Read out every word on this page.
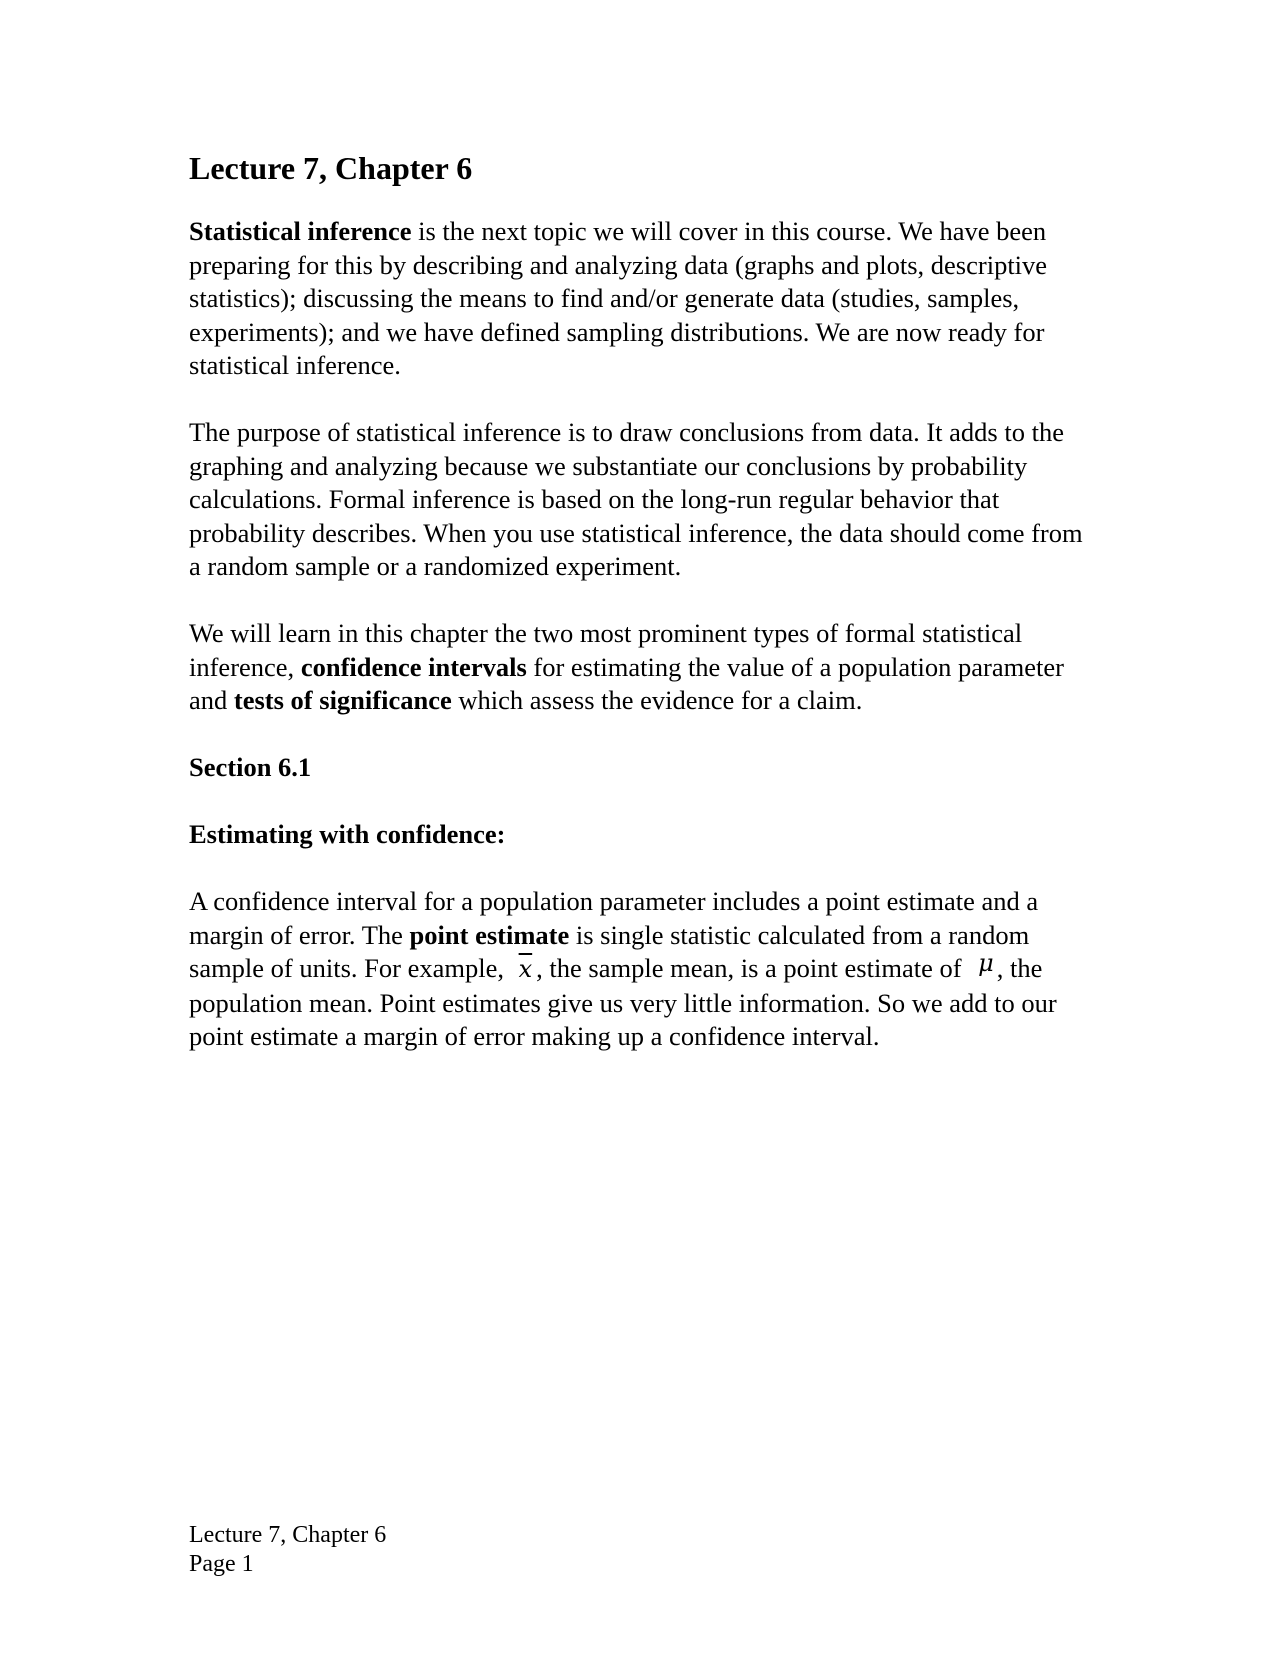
Lecture 7, Chapter 6

Statistical inference is the next topic we will cover in this course. We have been preparing for this by describing and analyzing data (graphs and plots, descriptive statistics); discussing the means to find and/or generate data (studies, samples, experiments); and we have defined sampling distributions. We are now ready for statistical inference.

The purpose of statistical inference is to draw conclusions from data. It adds to the graphing and analyzing because we substantiate our conclusions by probability calculations. Formal inference is based on the long-run regular behavior that probability describes. When you use statistical inference, the data should come from a random sample or a randomized experiment.

We will learn in this chapter the two most prominent types of formal statistical inference, confidence intervals for estimating the value of a population parameter and tests of significance which assess the evidence for a claim.

Section 6.1
Estimating with confidence:

A confidence interval for a population parameter includes a point estimate and a margin of error. The point estimate is single statistic calculated from a random sample of units. For example, $\overline{x}$ , the sample mean, is a point estimate of μ , the population mean. Point estimates give us very little information. So we add to our point estimate a margin of error making up a confidence interval.

Lecture 7, Chapter 6
Page 1
